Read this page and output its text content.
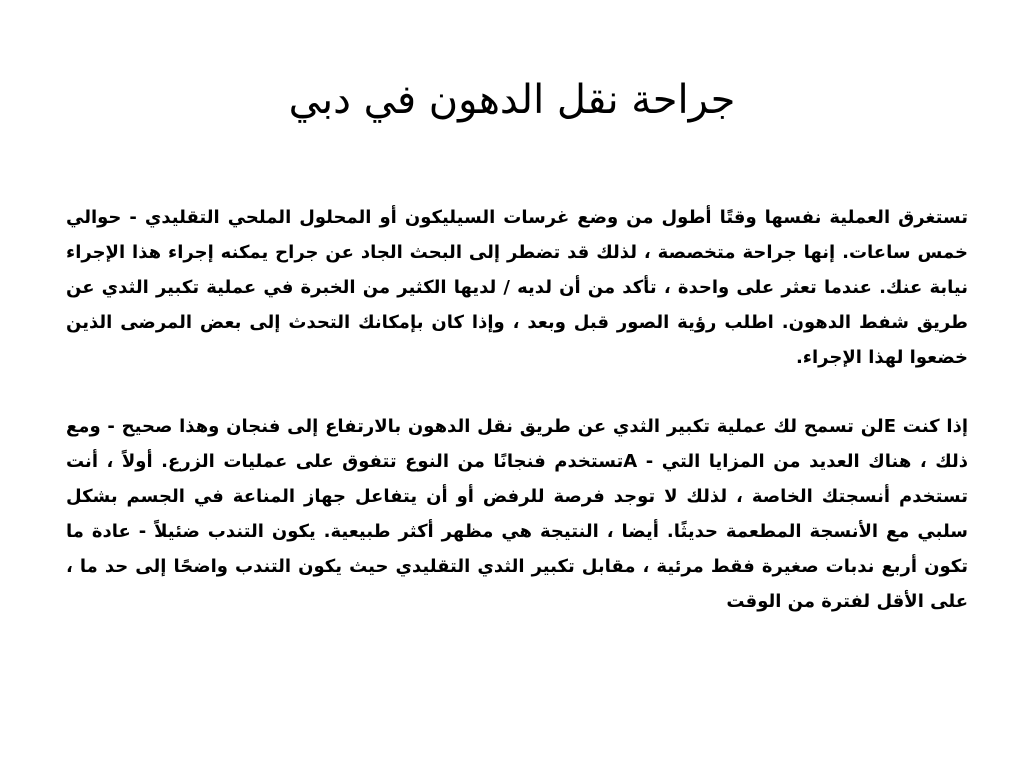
جراحة نقل الدهون في دبي

تستغرق العملية نفسها وقتًا أطول من وضع غرسات السيليكون أو المحلول الملحي التقليدي - حوالي خمس ساعات. إنها جراحة متخصصة ، لذلك قد تضطر إلى البحث الجاد عن جراح يمكنه إجراء هذا الإجراء نيابة عنك. عندما تعثر على واحدة ، تأكد من أن لديه / لديها الكثير من الخبرة في عملية تكبير الثدي عن طريق شفط الدهون. اطلب رؤية الصور قبل وبعد ، وإذا كان بإمكانك التحدث إلى بعض المرضى الذين خضعوا لهذا الإجراء.

إذا كنت Eلن تسمح لك عملية تكبير الثدي عن طريق نقل الدهون بالارتفاع إلى فنجان وهذا صحيح - ومع ذلك ، هناك العديد من المزايا التي - Aتستخدم فنجانًا من النوع تتفوق على عمليات الزرع. أولاً ، أنت تستخدم أنسجتك الخاصة ، لذلك لا توجد فرصة للرفض أو أن يتفاعل جهاز المناعة في الجسم بشكل سلبي مع الأنسجة المطعمة حديثًا. أيضا ، النتيجة هي مظهر أكثر طبيعية. يكون التندب ضئيلاً - عادة ما تكون أربع ندبات صغيرة فقط مرئية ، مقابل تكبير الثدي التقليدي حيث يكون التندب واضحًا إلى حد ما ، على الأقل لفترة من الوقت
